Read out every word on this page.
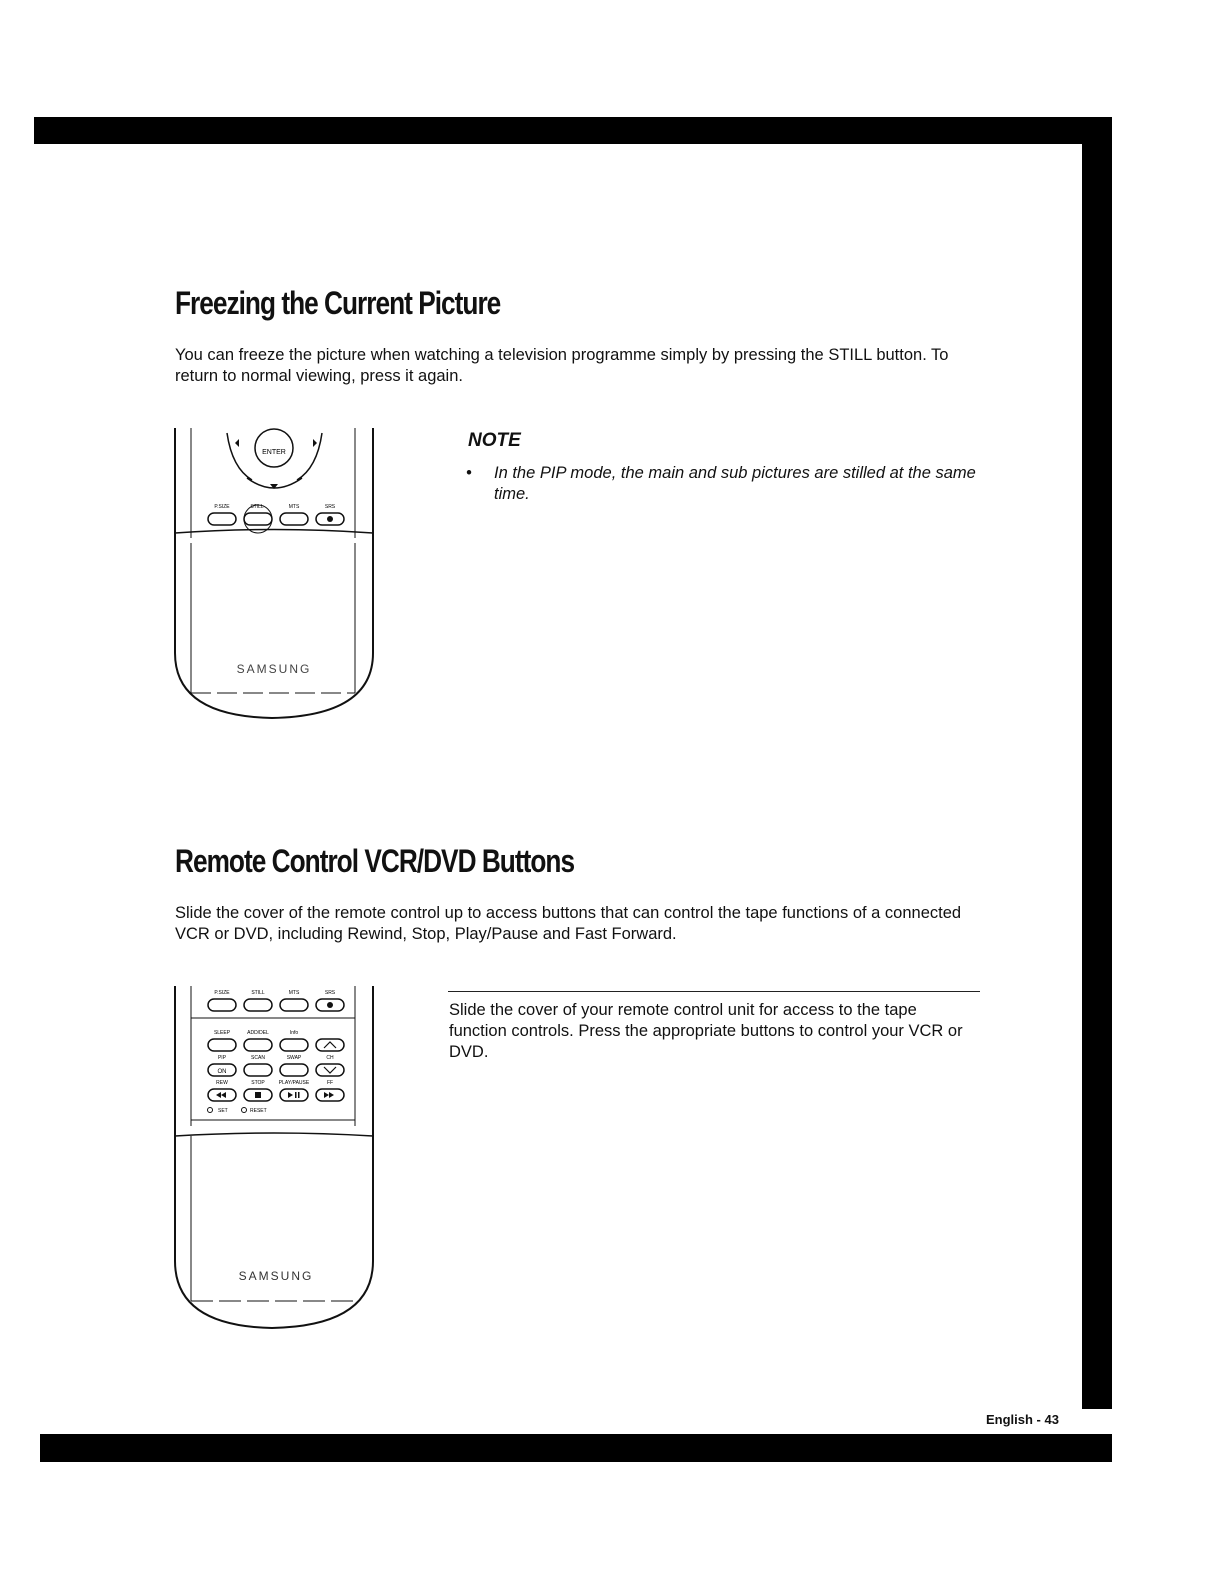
Freezing the Current Picture
You can freeze the picture when watching a television programme simply by pressing the STILL button. To return to normal viewing, press it again.
ENTER
P.SIZE	STILL	MTS	SRS
SAMSUNG
NOTE
•	In the PIP mode, the main and sub pictures are stilled at the same time.
Remote Control VCR/DVD Buttons
Slide the cover of the remote control up to access buttons that can control the tape functions of a connected VCR or DVD, including Rewind, Stop, Play/Pause and Fast Forward.
Slide the cover of your remote control unit for access to the tape function controls. Press the appropriate buttons to control your VCR or DVD.
P.SIZE	STILL	MTS	SRS
SLEEP	ADD/DEL	Info
PIP	SCAN	SWAP	CH
ON
REW	STOP	PLAY/PAUSE	FF
SET	RESET
SAMSUNG
English - 43
